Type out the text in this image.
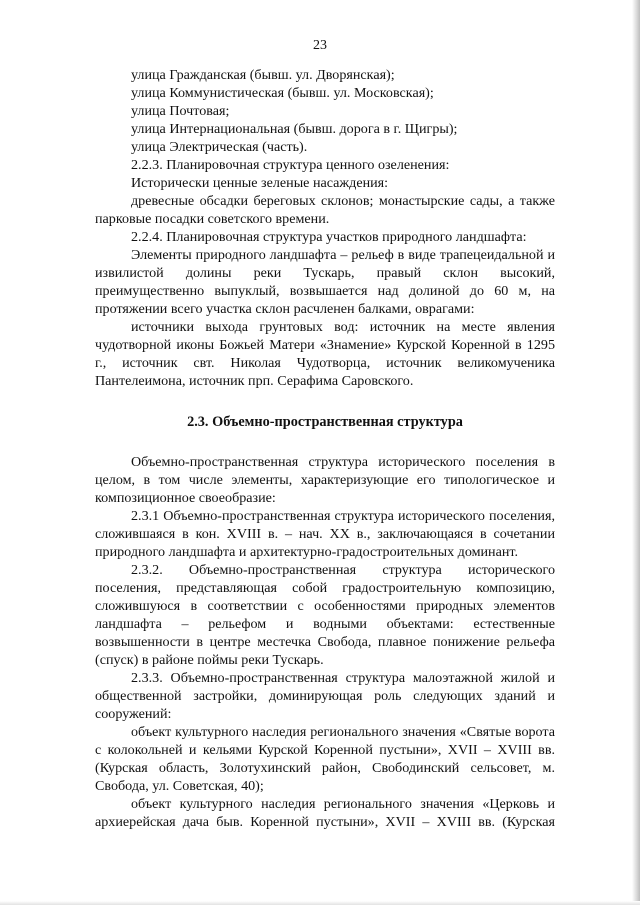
23

улица Гражданская (бывш. ул. Дворянская);

улица Коммунистическая (бывш. ул. Московская);

улица Почтовая;

улица Интернациональная (бывш. дорога в г. Щигры);

улица Электрическая (часть).

2.2.3. Планировочная структура ценного озеленения:

Исторически ценные зеленые насаждения:

древесные обсадки береговых склонов; монастырские сады, а также парковые посадки советского времени.

2.2.4. Планировочная структура участков природного ландшафта:

Элементы природного ландшафта – рельеф в виде трапецеидальной и извилистой долины реки Тускарь, правый склон высокий, преимущественно выпуклый, возвышается над долиной до 60 м, на протяжении всего участка склон расчленен балками, оврагами:

источники выхода грунтовых вод: источник на месте явления чудотворной иконы Божьей Матери «Знамение» Курской Коренной в 1295 г., источник свт. Николая Чудотворца, источник великомученика Пантелеимона, источник прп. Серафима Саровского.

2.3. Объемно-пространственная структура

Объемно-пространственная структура исторического поселения в целом, в том числе элементы, характеризующие его типологическое и композиционное своеобразие:

2.3.1 Объемно-пространственная структура исторического поселения, сложившаяся в кон. XVIII в. – нач. XX в., заключающаяся в сочетании природного ландшафта и архитектурно-градостроительных доминант.

2.3.2. Объемно-пространственная структура исторического поселения, представляющая собой градостроительную композицию, сложившуюся в соответствии с особенностями природных элементов ландшафта – рельефом и водными объектами: естественные возвышенности в центре местечка Свобода, плавное понижение рельефа (спуск) в районе поймы реки Тускарь.

2.3.3. Объемно-пространственная структура малоэтажной жилой и общественной застройки, доминирующая роль следующих зданий и сооружений:

объект культурного наследия регионального значения «Святые ворота с колокольней и кельями Курской Коренной пустыни», XVII – XVIII вв. (Курская область, Золотухинский район, Свободинский сельсовет, м. Свобода, ул. Советская, 40);

объект культурного наследия регионального значения «Церковь и архиерейская дача быв. Коренной пустыни», XVII – XVIII вв. (Курская
